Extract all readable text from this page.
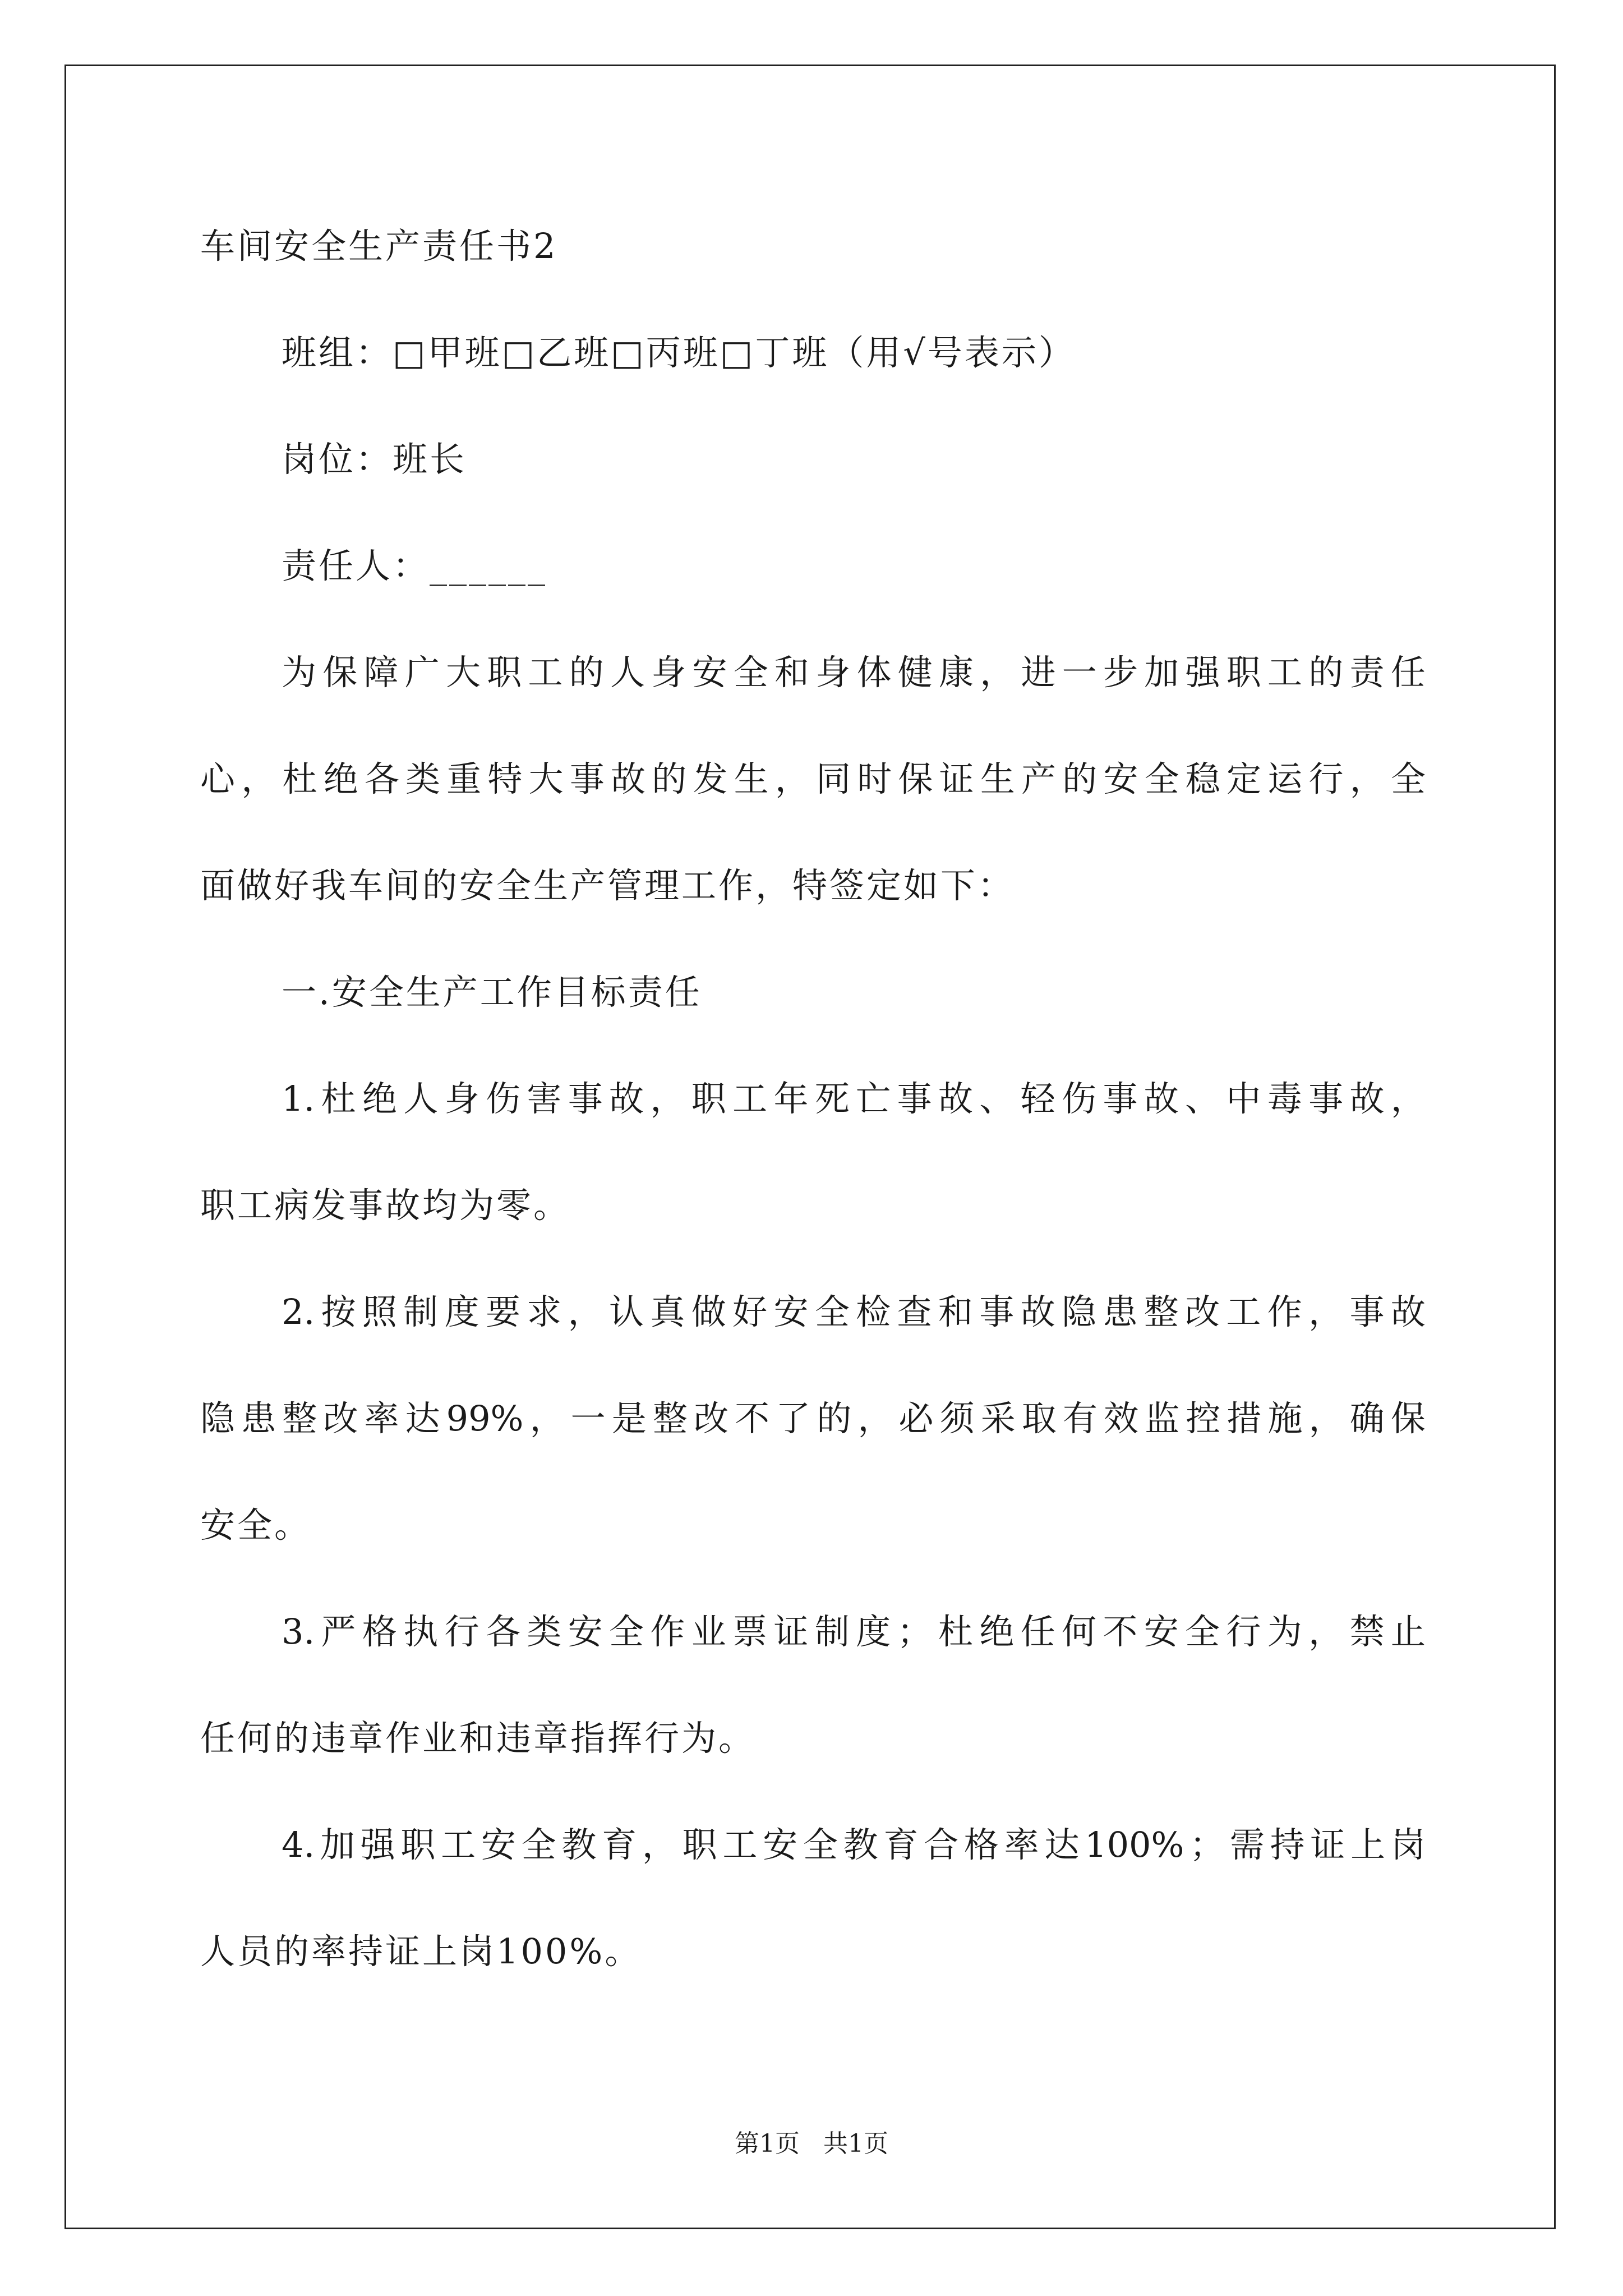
车间安全生产责任书2
班组：□甲班□乙班□丙班□丁班（用√号表示）
岗位：班长
责任人：______
为 保 障 广 大 职 工 的 人 身 安 全 和 身 体 健 康 ， 进 一 步 加 强 职 工 的 责 任
心 ， 杜 绝 各 类 重 特 大 事 故 的 发 生 ， 同 时 保 证 生 产 的 安 全 稳 定 运 行 ， 全
面做好我车间的安全生产管理工作，特签定如下：
一.安全生产工作目标责任
1. 杜 绝 人 身 伤 害 事 故 ， 职 工 年 死 亡 事 故 、 轻 伤 事 故 、 中 毒 事 故 ，
职工病发事故均为零。
2. 按 照 制 度 要 求 ， 认 真 做 好 安 全 检 查 和 事 故 隐 患 整 改 工 作 ， 事 故
隐 患 整 改 率 达 99% ， 一 是 整 改 不 了 的 ， 必 须 采 取 有 效 监 控 措 施 ， 确 保
安全。
3. 严 格 执 行 各 类 安 全 作 业 票 证 制 度 ； 杜 绝 任 何 不 安 全 行 为 ， 禁 止
任何的违章作业和违章指挥行为。
4. 加 强 职 工 安 全 教 育 ， 职 工 安 全 教 育 合 格 率 达 100% ； 需 持 证 上 岗
人员的率持证上岗100%。
第1页   共1页
